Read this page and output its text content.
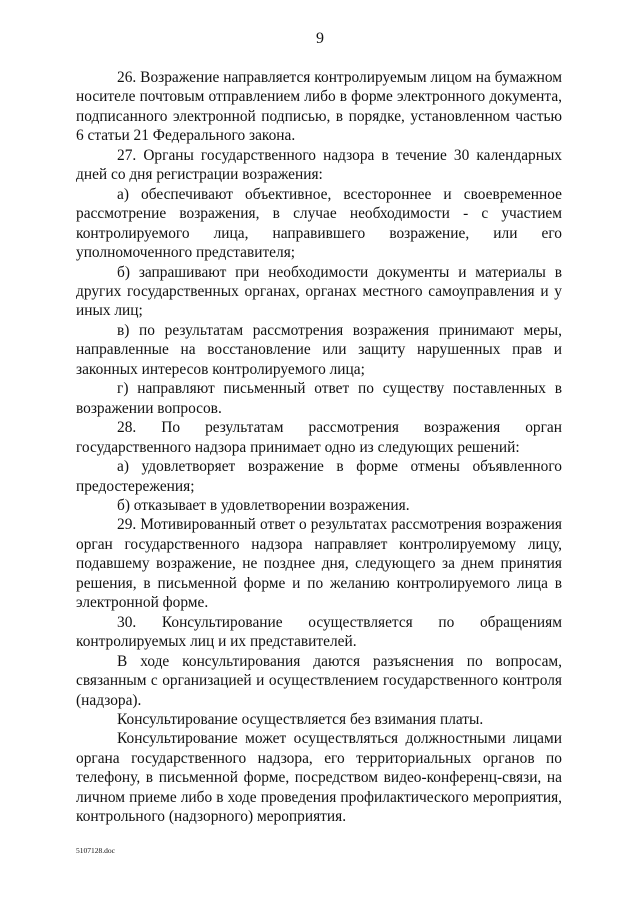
9

26. Возражение направляется контролируемым лицом на бумажном носителе почтовым отправлением либо в форме электронного документа, подписанного электронной подписью, в порядке, установленном частью 6 статьи 21 Федерального закона.

27. Органы государственного надзора в течение 30 календарных дней со дня регистрации возражения:

а) обеспечивают объективное, всестороннее и своевременное рассмотрение возражения, в случае необходимости - с участием контролируемого лица, направившего возражение, или его уполномоченного представителя;

б) запрашивают при необходимости документы и материалы в других государственных органах, органах местного самоуправления и у иных лиц;

в) по результатам рассмотрения возражения принимают меры, направленные на восстановление или защиту нарушенных прав и законных интересов контролируемого лица;

г) направляют письменный ответ по существу поставленных в возражении вопросов.

28. По результатам рассмотрения возражения орган государственного надзора принимает одно из следующих решений:

а) удовлетворяет возражение в форме отмены объявленного предостережения;

б) отказывает в удовлетворении возражения.

29. Мотивированный ответ о результатах рассмотрения возражения орган государственного надзора направляет контролируемому лицу, подавшему возражение, не позднее дня, следующего за днем принятия решения, в письменной форме и по желанию контролируемого лица в электронной форме.

30. Консультирование осуществляется по обращениям контролируемых лиц и их представителей.

В ходе консультирования даются разъяснения по вопросам, связанным с организацией и осуществлением государственного контроля (надзора).

Консультирование осуществляется без взимания платы.

Консультирование может осуществляться должностными лицами органа государственного надзора, его территориальных органов по телефону, в письменной форме, посредством видео-конференц-связи, на личном приеме либо в ходе проведения профилактического мероприятия, контрольного (надзорного) мероприятия.

5107128.doc
